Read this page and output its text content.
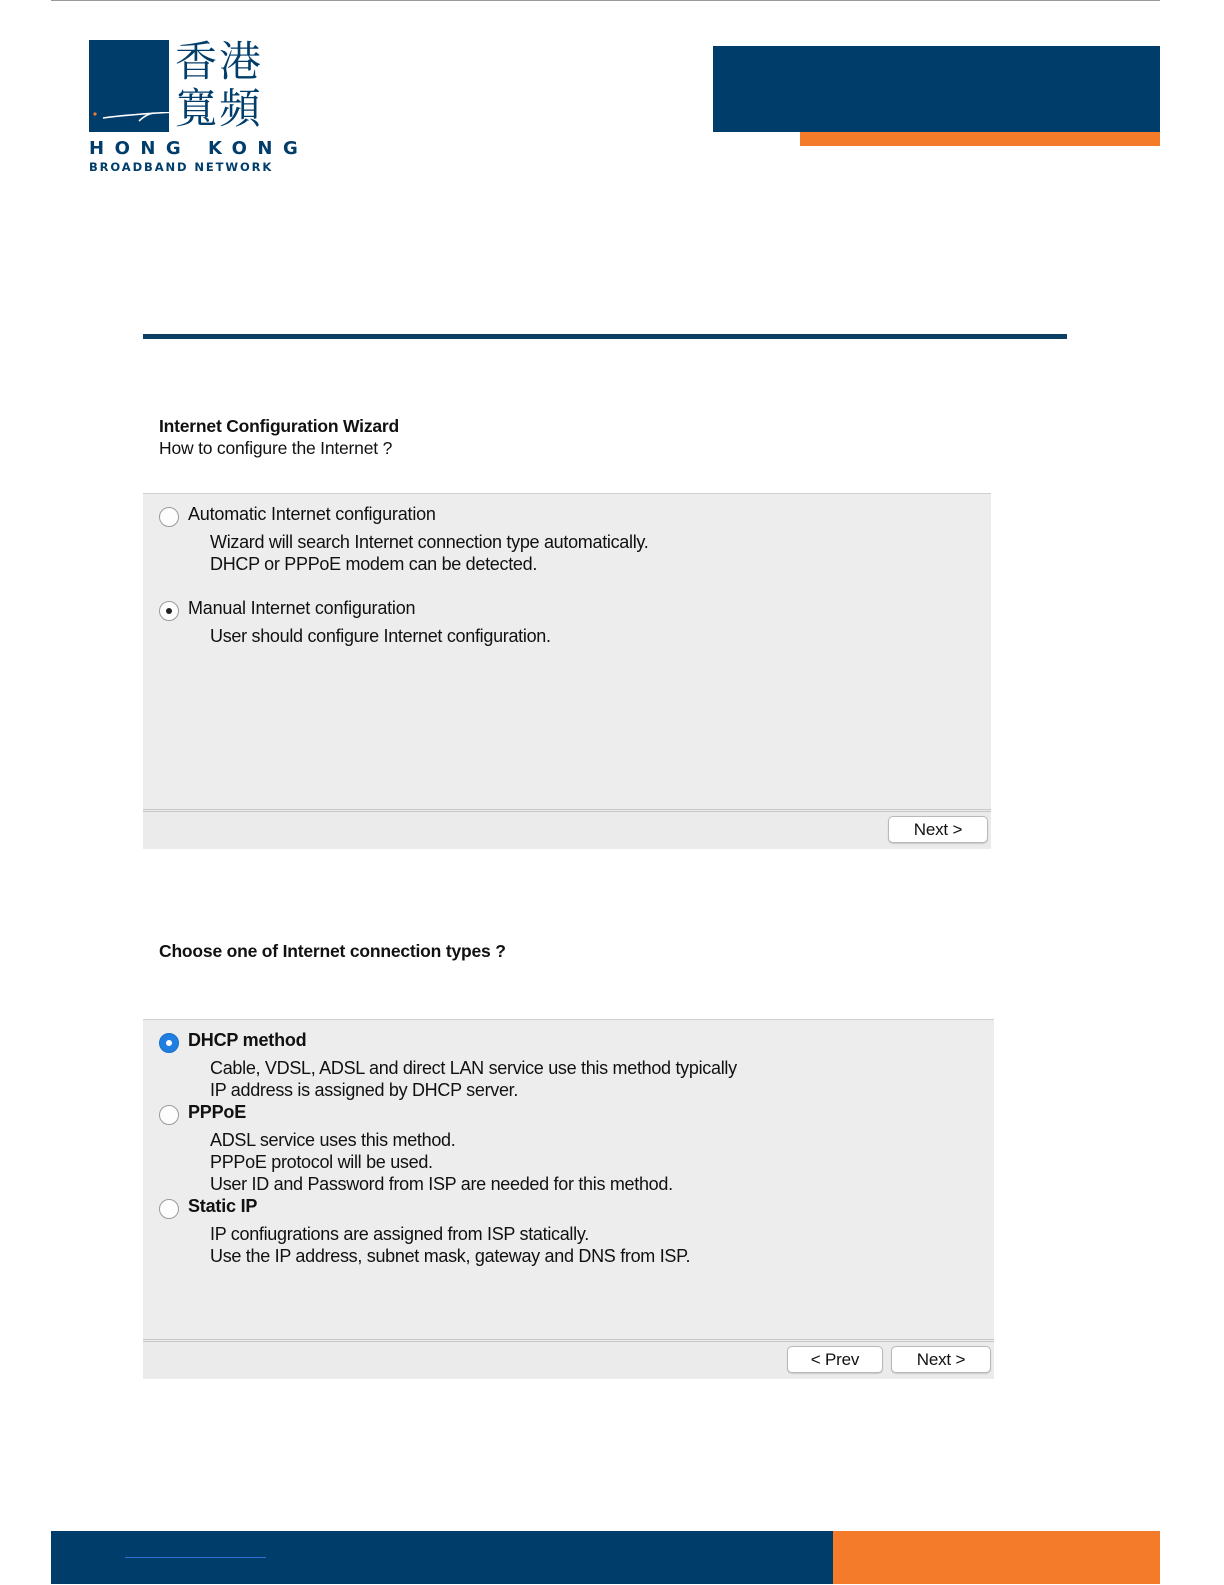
香港
寬頻
HONG KONG
BROADBAND NETWORK
Internet Configuration Wizard
How to configure the Internet ?
Automatic Internet configuration
Wizard will search Internet connection type automatically.
DHCP or PPPoE modem can be detected.
Manual Internet configuration
User should configure Internet configuration.
Next >
Choose one of Internet connection types ?
DHCP method
Cable, VDSL, ADSL and direct LAN service use this method typically
IP address is assigned by DHCP server.
PPPoE
ADSL service uses this method.
PPPoE protocol will be used.
User ID and Password from ISP are needed for this method.
Static IP
IP confiugrations are assigned from ISP statically.
Use the IP address, subnet mask, gateway and DNS from ISP.
< Prev	Next >
